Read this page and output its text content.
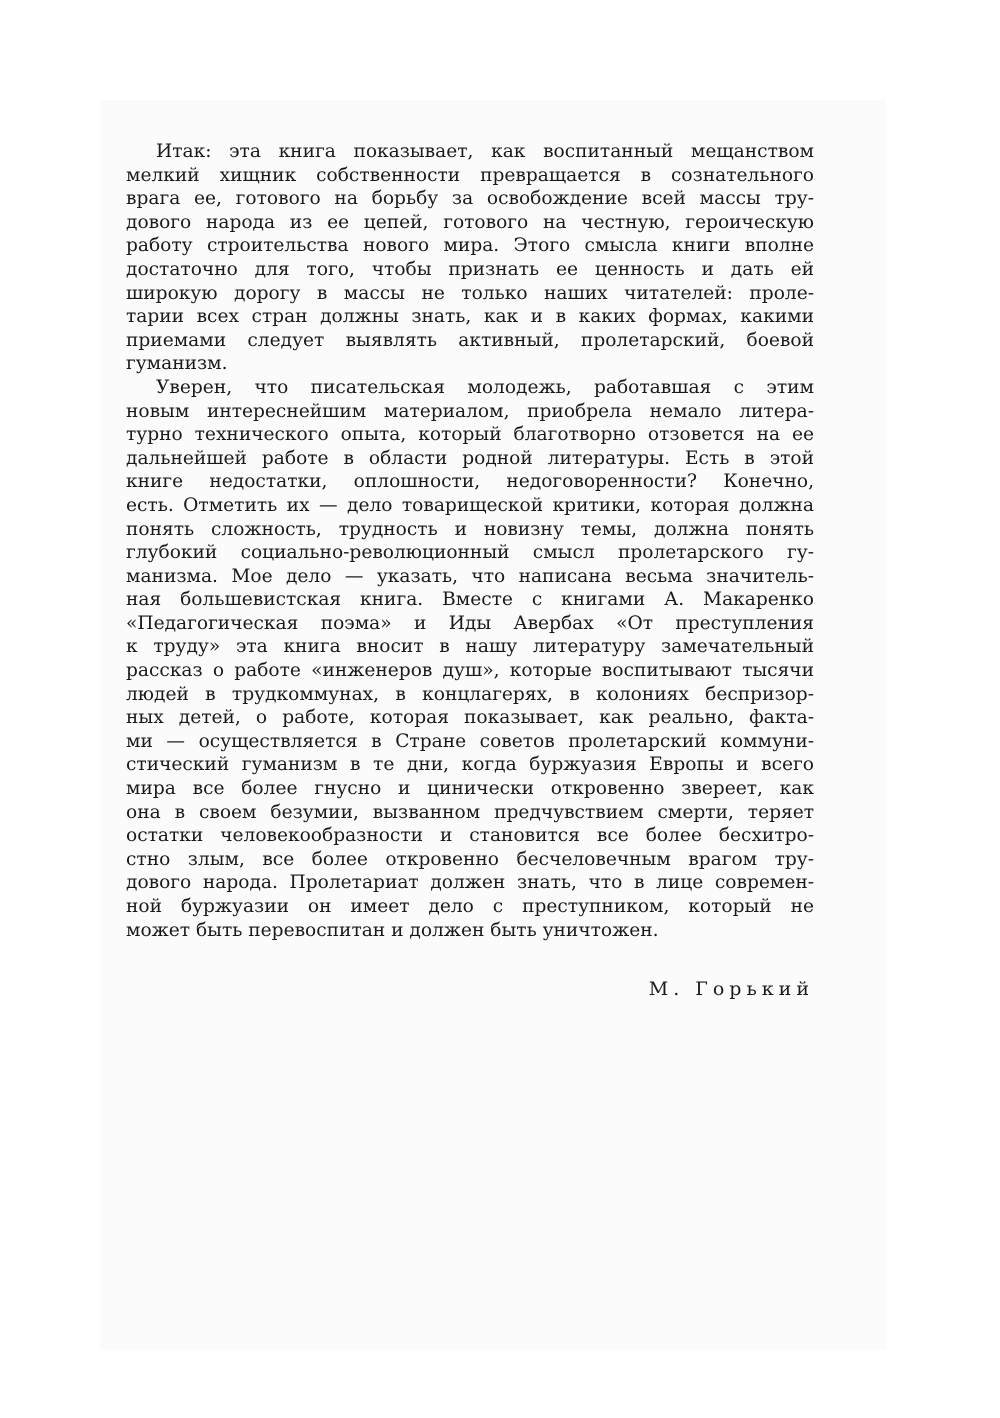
Итак: эта книга показывает, как воспитанный мещанством
мелкий хищник собственности превращается в сознательного
врага ее, готового на борьбу за освобождение всей массы тру-
дового народа из ее цепей, готового на честную, героическую
работу строительства нового мира. Этого смысла книги вполне
достаточно для того, чтобы признать ее ценность и дать ей
широкую дорогу в массы не только наших читателей: проле-
тарии всех стран должны знать, как и в каких формах, какими
приемами следует выявлять активный, пролетарский, боевой
гуманизм.
Уверен, что писательская молодежь, работавшая с этим
новым интереснейшим материалом, приобрела немало литера-
турно технического опыта, который благотворно отзовется на ее
дальнейшей работе в области родной литературы. Есть в этой
книге недостатки, оплошности, недоговоренности? Конечно,
есть. Отметить их — дело товарищеской критики, которая должна
понять сложность, трудность и новизну темы, должна понять
глубокий социально-революционный смысл пролетарского гу-
манизма. Мое дело — указать, что написана весьма значитель-
ная большевистская книга. Вместе с книгами А. Макаренко
«Педагогическая поэма» и Иды Авербах «От преступления
к труду» эта книга вносит в нашу литературу замечательный
рассказ о работе «инженеров душ», которые воспитывают тысячи
людей в трудкоммунах, в концлагерях, в колониях беспризор-
ных детей, о работе, которая показывает, как реально, факта-
ми — осуществляется в Стране советов пролетарский коммуни-
стический гуманизм в те дни, когда буржуазия Европы и всего
мира все более гнусно и цинически откровенно звереет, как
она в своем безумии, вызванном предчувствием смерти, теряет
остатки человекообразности и становится все более бесхитро-
стно злым, все более откровенно бесчеловечным врагом тру-
дового народа. Пролетариат должен знать, что в лице современ-
ной буржуазии он имеет дело с преступником, который не
может быть перевоспитан и должен быть уничтожен.
М. Горький
